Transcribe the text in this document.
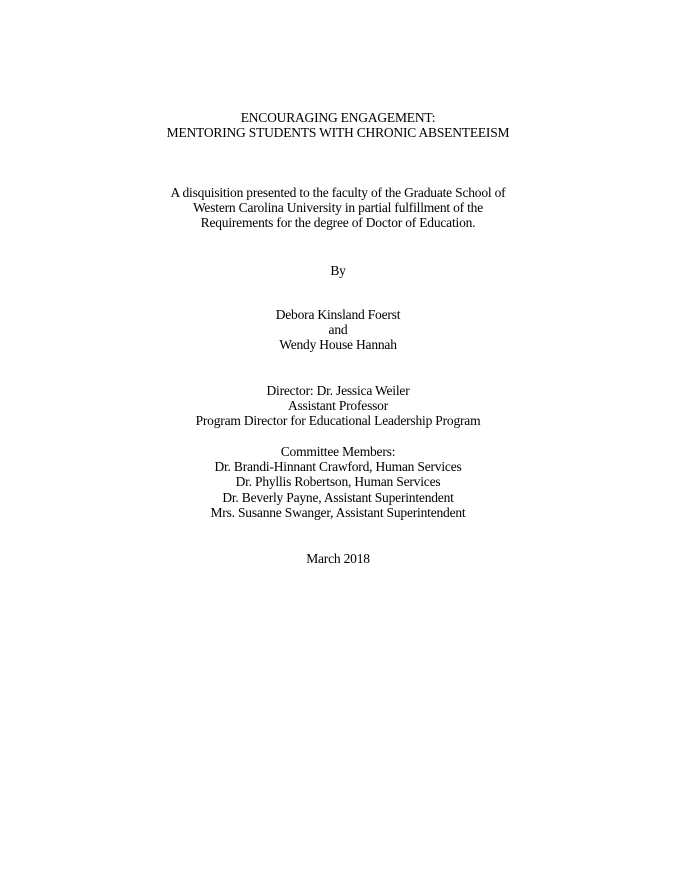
ENCOURAGING ENGAGEMENT:
MENTORING STUDENTS WITH CHRONIC ABSENTEEISM
A disquisition presented to the faculty of the Graduate School of
Western Carolina University in partial fulfillment of the
Requirements for the degree of Doctor of Education.
By
Debora Kinsland Foerst
and
Wendy House Hannah
Director: Dr. Jessica Weiler
Assistant Professor
Program Director for Educational Leadership Program
Committee Members:
Dr. Brandi-Hinnant Crawford, Human Services
Dr. Phyllis Robertson, Human Services
Dr. Beverly Payne, Assistant Superintendent
Mrs. Susanne Swanger, Assistant Superintendent
March 2018
